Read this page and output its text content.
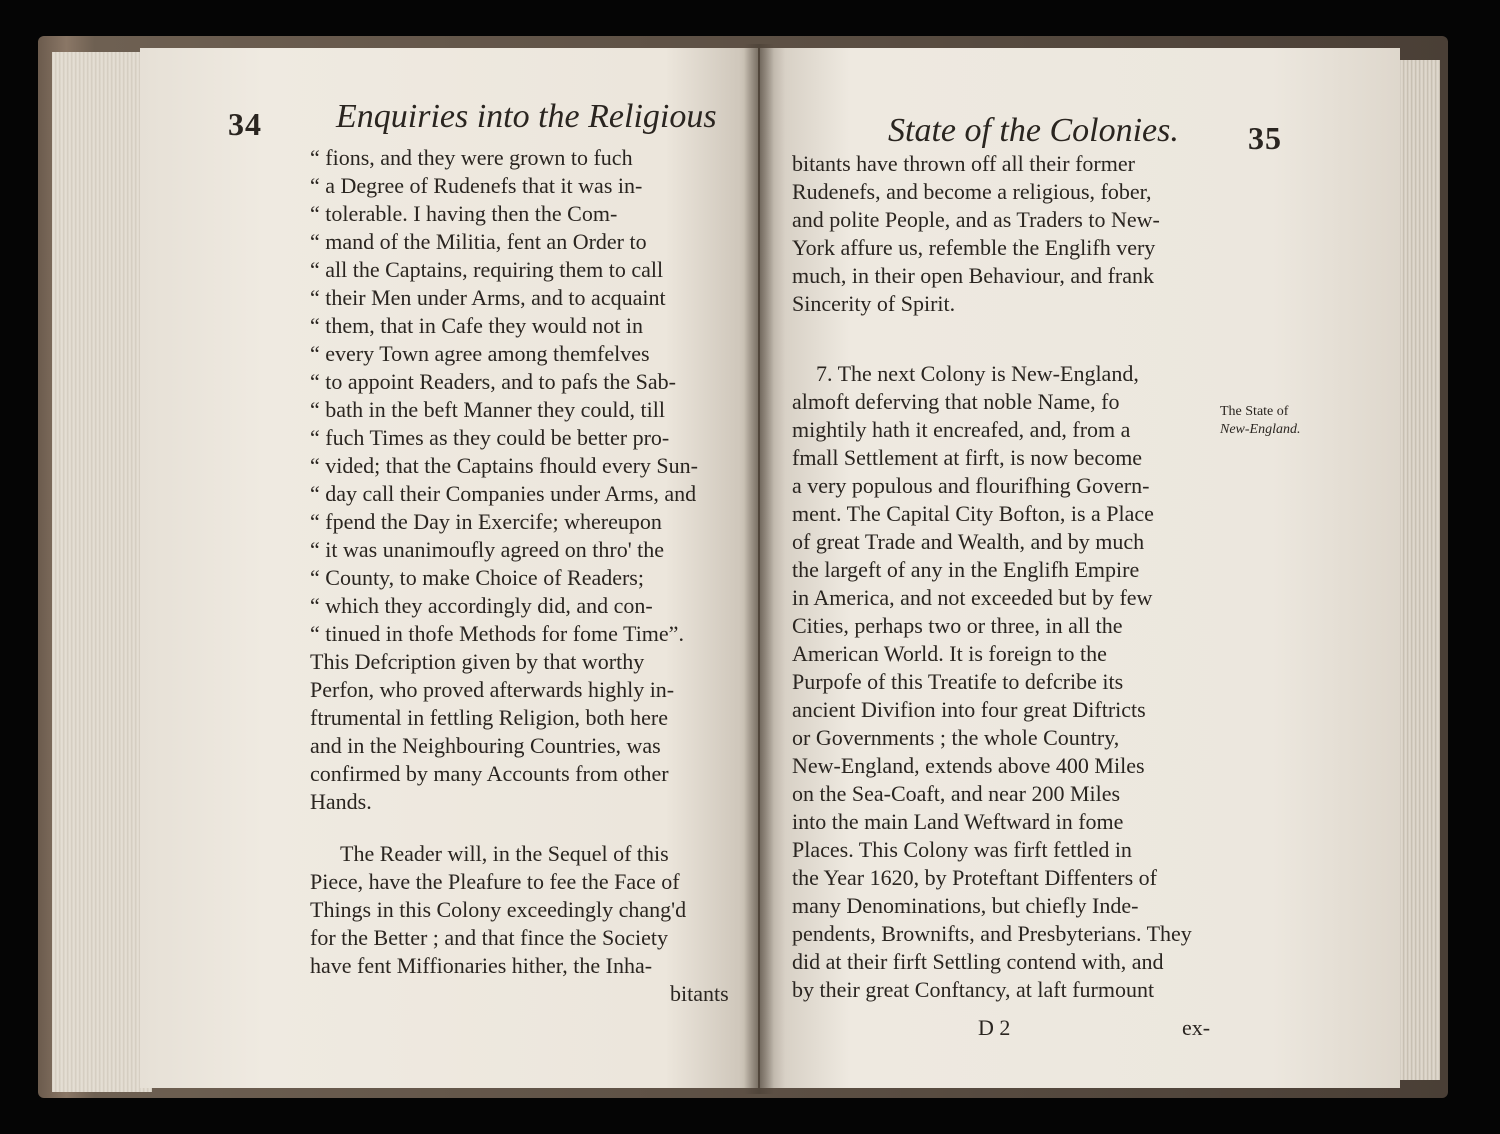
34 Enquiries into the Religious
“ fions, and they were grown to fuch
“ a Degree of Rudenefs that it was in-
“ tolerable. I having then the Com-
“ mand of the Militia, fent an Order to
“ all the Captains, requiring them to call
“ their Men under Arms, and to acquaint
“ them, that in Cafe they would not in
“ every Town agree among themfelves
“ to appoint Readers, and to pafs the Sab-
“ bath in the beft Manner they could, till
“ fuch Times as they could be better pro-
“ vided; that the Captains fhould every Sun-
“ day call their Companies under Arms, and
“ fpend the Day in Exercife; whereupon
“ it was unanimoufly agreed on thro' the
“ County, to make Choice of Readers;
“ which they accordingly did, and con-
“ tinued in thofe Methods for fome Time”.
This Defcription given by that worthy
Perfon, who proved afterwards highly in-
ftrumental in fettling Religion, both here
and in the Neighbouring Countries, was
confirmed by many Accounts from other
Hands.
The Reader will, in the Sequel of this
Piece, have the Pleafure to fee the Face of
Things in this Colony exceedingly chang'd
for the Better ; and that fince the Society
have fent Miffionaries hither, the Inha-
bitants
State of the Colonies. 35
bitants have thrown off all their former
Rudenefs, and become a religious, fober,
and polite People, and as Traders to New-
York affure us, refemble the Englifh very
much, in their open Behaviour, and frank
Sincerity of Spirit.
7. The next Colony is New-England,
almoft deferving that noble Name, fo
mightily hath it encreafed, and, from a
fmall Settlement at firft, is now become
a very populous and flourifhing Govern-
ment. The Capital City Bofton, is a Place
of great Trade and Wealth, and by much
the largeft of any in the Englifh Empire
in America, and not exceeded but by few
Cities, perhaps two or three, in all the
American World. It is foreign to the
Purpofe of this Treatife to defcribe its
ancient Divifion into four great Diftricts
or Governments ; the whole Country,
New-England, extends above 400 Miles
on the Sea-Coaft, and near 200 Miles
into the main Land Weftward in fome
Places. This Colony was firft fettled in
the Year 1620, by Proteftant Diffenters of
many Denominations, but chiefly Inde-
pendents, Brownifts, and Presbyterians. They
did at their firft Settling contend with, and
by their great Conftancy, at laft furmount
D 2	ex-
The State of
New-England.
